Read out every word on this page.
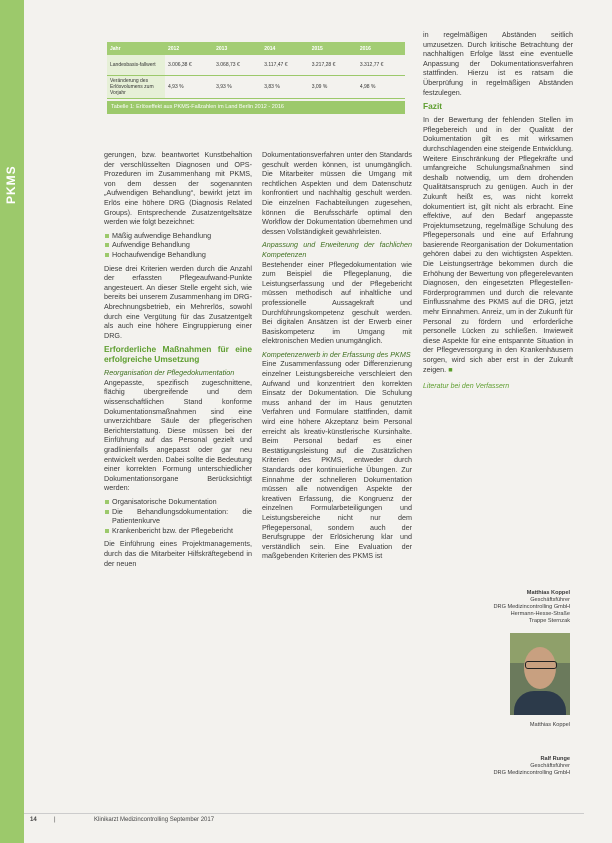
PKMS
Jahr	2012	2013	2014	2015	2016
Landesbasis-fallwert	3.006,38 €	3.068,73 €	3.117,47 €	3.217,28 €	3.312,77 €
Veränderung des Erlösvolumens zum Vorjahr	4,93 %	3,93 %	3,83 %	3,09 %	4,98 %
Tabelle 1: Erlöseffekt aus PKMS-Fallzahlen im Land Berlin 2012 - 2016

gerungen, bzw. beantwortet Kunstbehaltion der verschlüsselten Diagnosen und OPS-Prozeduren im Zusammenhang mit PKMS, von dem dessen der sogenannten „Aufwendigen Behandlung“, bewirkt jetzt im Erlös eine höhere DRG (Diagnosis Related Groups). Entsprechende Zusatzentgeltsätze werden wie folgt bezeichnet:

Mäßig aufwendige Behandlung
Aufwendige Behandlung
Hochaufwendige Behandlung

Diese drei Kriterien werden durch die Anzahl der erfassten Pflegeaufwand-Punkte angesteuert. An dieser Stelle ergeht sich, wie bereits bei unserem Zusammenhang im DRG-Abrechnungsbetrieb, ein Mehrerlös, sowohl durch eine Vergütung für das Zusatzentgelt als auch eine höhere Eingruppierung einer DRG.

Erforderliche Maßnahmen für eine erfolgreiche Umsetzung
Reorganisation der Pflegedokumentation

Angepasste, spezifisch zugeschnittene, flächig übergreifende und dem wissenschaftlichen Stand konforme Dokumentationsmaßnahmen sind eine unverzichtbare Säule der pflegerischen Berichterstattung. Diese müssen bei der Einführung auf das Personal gezielt und gradlinienfalls angepasst oder gar neu entwickelt werden. Dabei sollte die Bedeutung einer korrekten Formung unterschiedlicher Dokumentationsorgane Berücksichtigt werden:

Organisatorische Dokumentation
Die Behandlungsdokumentation: die Patientenkurve
Krankenbericht bzw. der Pflegebericht

Die Einführung eines Projektmanagements, durch das die Mitarbeiter Hilfskräftegebend in der neuen

Dokumentationsverfahren unter den Standards geschult werden können, ist unumgänglich. Die Mitarbeiter müssen die Umgang mit rechtlichen Aspekten und dem Datenschutz konfrontiert und nachhaltig geschult werden. Die einzelnen Fachabteilungen zugesehen, können die Berufsschärfe optimal den Workflow der Dokumentation übernehmen und dessen Vollständigkeit gewährleisten.

Anpassung und Erweiterung der fachlichen Kompetenzen

Bestehender einer Pflegedokumentation wie zum Beispiel die Pflegeplanung, die Leistungserfassung und der Pflegebericht müssen methodisch auf inhaltliche und professionelle Aussagekraft und Durchführungskompetenz geschult werden. Bei digitalen Ansätzen ist der Erwerb einer Basiskompetenz im Umgang mit elektronischen Medien unumgänglich.

Kompetenzerwerb in der Erfassung des PKMS

Eine Zusammenfassung oder Differenzierung einzelner Leistungsbereiche verschleiert den Aufwand und konzentriert den korrekten Einsatz der Dokumentation. Die Schulung muss anhand der im Haus genutzten Verfahren und Formulare stattfinden, damit wird eine höhere Akzeptanz beim Personal erreicht als kreativ-künstlerische Kursinhalte. Beim Personal bedarf es einer Bestätigungsleistung auf die Zusätzlichen Kriterien des PKMS, entweder durch Standards oder kontinuierliche Übungen. Zur Einnahme der schnelleren Dokumentation müssen alle notwendigen Aspekte der kreativen Erfassung, die Kongruenz der einzelnen Formularbeteiligungen und Leistungsbereiche nicht nur dem Pflegepersonal, sondern auch der Berufsgruppe der Erlösicherung klar und verständlich sein. Eine Evaluation der maßgebenden Kriterien des PKMS ist

in regelmäßigen Abständen seitlich umzusetzen. Durch kritische Betrachtung der nachhaltigen Erfolge lässt eine eventuelle Anpassung der Dokumentationsverfahren stattfinden. Hierzu ist es ratsam die Überprüfung in regelmäßigen Abständen festzulegen.

Fazit

In der Bewertung der fehlenden Stellen im Pflegebereich und in der Qualität der Dokumentation gilt es mit wirksamen durchschlagenden eine steigende Entwicklung. Weitere Einschränkung der Pflegekräfte und umfangreiche Schulungsmaßnahmen sind deshalb notwendig, um dem drohenden Qualitätsanspruch zu genügen. Auch in der Zukunft heißt es, was nicht korrekt dokumentiert ist, gilt nicht als erbracht. Eine effektive, auf den Bedarf angepasste Projektumsetzung, regelmäßige Schulung des Pflegepersonals und eine auf Erfahrung basierende Reorganisation der Dokumentation gehören dabei zu den wichtigsten Aspekten. Die Leistungserträge bekommen durch die Erhöhung der Bewertung von pflegerelevanten Diagnosen, den eingesetzten Pflegestellen-Förderprogrammen und durch die relevante Einflussnahme des PKMS auf die DRG, jetzt mehr Einnahmen. Anreiz, um in der Zukunft für Personal zu fördern und erforderliche personelle Lücken zu schließen. Inwieweit diese Aspekte für eine entspannte Situation in der Pflegeversorgung in den Krankenhäusern sorgen, wird sich aber erst in der Zukunft zeigen. ■

Literatur bei den Verfassern
Matthias Koppel
Geschäftsführer
DRG Medizincontrolling GmbH
Hermann-Hesse-Straße
Trappe Sternzak
Matthias Koppel
Ralf Runge
Geschäftsführer
DRG Medizincontrolling GmbH
14	|	Klinikarzt Medizincontrolling September 2017
